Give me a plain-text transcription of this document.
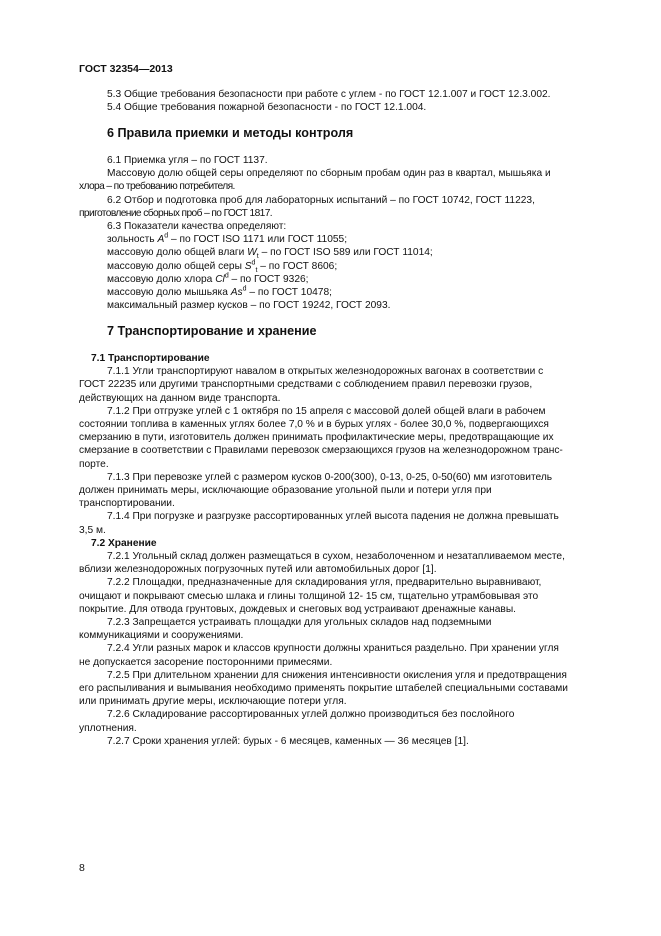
ГОСТ 32354—2013
5.3 Общие требования безопасности при работе с углем - по ГОСТ 12.1.007 и ГОСТ 12.3.002.
5.4 Общие требования пожарной безопасности - по ГОСТ 12.1.004.
6 Правила приемки и методы контроля
6.1 Приемка угля – по ГОСТ 1137.
Массовую долю общей серы определяют по сборным пробам один раз в квартал, мышьяка и
хлора – по требованию потребителя.
6.2 Отбор и подготовка проб для лабораторных испытаний – по ГОСТ 10742, ГОСТ 11223,
приготовление сборных проб – по ГОСТ 1817.
6.3 Показатели качества определяют:
зольность $A^d$ – по ГОСТ ISO 1171 или ГОСТ 11055;
массовую долю общей влаги $W_t$ – по ГОСТ ISO 589 или ГОСТ 11014;
массовую долю общей серы $S^d_t$ – по ГОСТ 8606;
массовую долю хлора Cl$^d$ – по ГОСТ 9326;
массовую долю мышьяка As$^d$ – по ГОСТ 10478;
максимальный размер кусков – по ГОСТ 19242, ГОСТ 2093.
7 Транспортирование и хранение
7.1 Транспортирование
7.1.1 Угли транспортируют навалом в открытых железнодорожных вагонах в соответствии с
ГОСТ 22235 или другими транспортными средствами с соблюдением правил перевозки грузов,
действующих на данном виде транспорта.
7.1.2 При отгрузке углей с 1 октября по 15 апреля с массовой долей общей влаги в рабочем
состоянии топлива в каменных углях более 7,0 % и в бурых углях - более 30,0 %, подвергающихся
смерзанию в пути, изготовитель должен принимать профилактические меры, предотвращающие их
смерзание в соответствии с Правилами перевозок смерзающихся грузов на железнодорожном транс-
порте.
7.1.3 При перевозке углей с размером кусков 0-200(300), 0-13, 0-25, 0-50(60) мм изготовитель
должен принимать меры, исключающие образование угольной пыли и потери угля при
транспортировании.
7.1.4 При погрузке и разгрузке рассортированных углей высота падения не должна превышать
3,5 м.
7.2 Хранение
7.2.1 Угольный склад должен размещаться в сухом, незаболоченном и незатапливаемом месте,
вблизи железнодорожных погрузочных путей или автомобильных дорог [1].
7.2.2 Площадки, предназначенные для складирования угля, предварительно выравнивают,
очищают и покрывают смесью шлака и глины толщиной 12- 15 см, тщательно утрамбовывая это
покрытие. Для отвода грунтовых, дождевых и снеговых вод устраивают дренажные канавы.
7.2.3 Запрещается устраивать площадки для угольных складов над подземными
коммуникациями и сооружениями.
7.2.4 Угли разных марок и классов крупности должны храниться раздельно. При хранении угля
не допускается засорение посторонними примесями.
7.2.5 При длительном хранении для снижения интенсивности окисления угля и предотвращения
его распыливания и вымывания необходимо применять покрытие штабелей специальными составами
или принимать другие меры, исключающие потери угля.
7.2.6 Складирование рассортированных углей должно производиться без послойного
уплотнения.
7.2.7 Сроки хранения углей: бурых - 6 месяцев, каменных — 36 месяцев [1].
8
